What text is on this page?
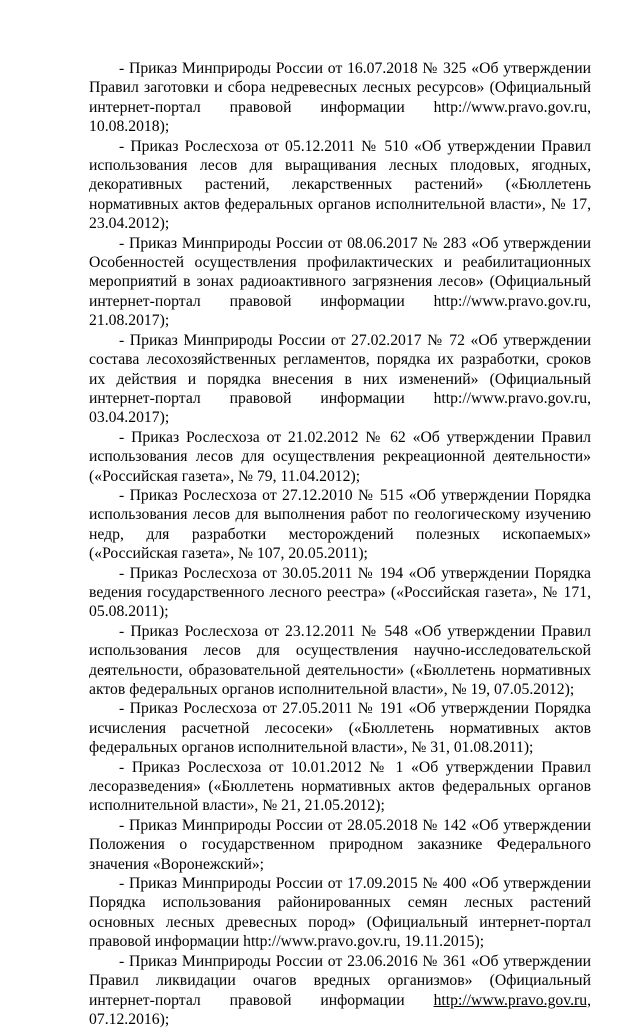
- Приказ Минприроды России от 16.07.2018 № 325 «Об утверждении Правил заготовки и сбора недревесных лесных ресурсов» (Официальный интернет-портал правовой информации http://www.pravo.gov.ru, 10.08.2018);

- Приказ Рослесхоза от 05.12.2011 № 510 «Об утверждении Правил использования лесов для выращивания лесных плодовых, ягодных, декоративных растений, лекарственных растений» («Бюллетень нормативных актов федеральных органов исполнительной власти», № 17, 23.04.2012);

- Приказ Минприроды России от 08.06.2017 № 283 «Об утверждении Особенностей осуществления профилактических и реабилитационных мероприятий в зонах радиоактивного загрязнения лесов» (Официальный интернет-портал правовой информации http://www.pravo.gov.ru, 21.08.2017);

- Приказ Минприроды России от 27.02.2017 № 72 «Об утверждении состава лесохозяйственных регламентов, порядка их разработки, сроков их действия и порядка внесения в них изменений» (Официальный интернет-портал правовой информации http://www.pravo.gov.ru, 03.04.2017);

- Приказ Рослесхоза от 21.02.2012 № 62 «Об утверждении Правил использования лесов для осуществления рекреационной деятельности» («Российская газета», № 79, 11.04.2012);

- Приказ Рослесхоза от 27.12.2010 № 515 «Об утверждении Порядка использования лесов для выполнения работ по геологическому изучению недр, для разработки месторождений полезных ископаемых» («Российская газета», № 107, 20.05.2011);

- Приказ Рослесхоза от 30.05.2011 № 194 «Об утверждении Порядка ведения государственного лесного реестра» («Российская газета», № 171, 05.08.2011);

- Приказ Рослесхоза от 23.12.2011 № 548 «Об утверждении Правил использования лесов для осуществления научно-исследовательской деятельности, образовательной деятельности» («Бюллетень нормативных актов федеральных органов исполнительной власти», № 19, 07.05.2012);

- Приказ Рослесхоза от 27.05.2011 № 191 «Об утверждении Порядка исчисления расчетной лесосеки» («Бюллетень нормативных актов федеральных органов исполнительной власти», № 31, 01.08.2011);

- Приказ Рослесхоза от 10.01.2012 № 1 «Об утверждении Правил лесоразведения» («Бюллетень нормативных актов федеральных органов исполнительной власти», № 21, 21.05.2012);

- Приказ Минприроды России от 28.05.2018 № 142 «Об утверждении Положения о государственном природном заказнике Федерального значения «Воронежский»;

- Приказ Минприроды России от 17.09.2015 № 400 «Об утверждении Порядка использования районированных семян лесных растений основных лесных древесных пород» (Официальный интернет-портал правовой информации http://www.pravo.gov.ru, 19.11.2015);

- Приказ Минприроды России от 23.06.2016 № 361 «Об утверждении Правил ликвидации очагов вредных организмов» (Официальный интернет-портал правовой информации http://www.pravo.gov.ru, 07.12.2016);
